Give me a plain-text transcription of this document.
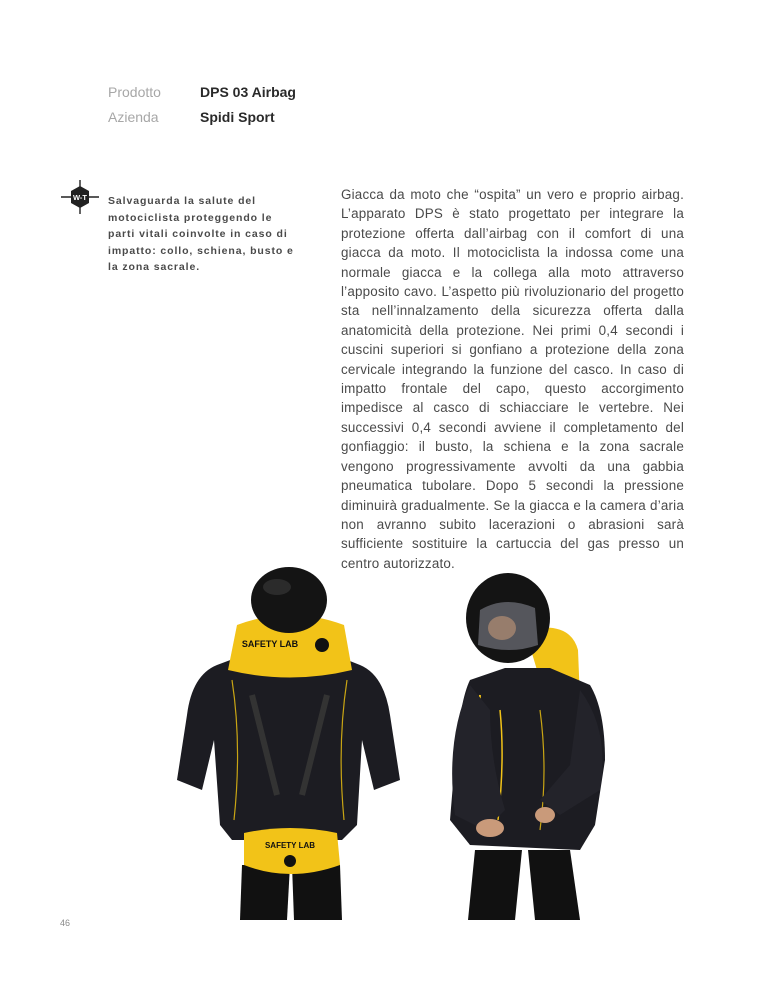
Prodotto	DPS 03 Airbag
Azienda	Spidi Sport
W-T Salvaguarda la salute del motociclista proteggendo le parti vitali coinvolte in caso di impatto: collo, schiena, busto e la zona sacrale.
Giacca da moto che “ospita” un vero e proprio airbag. L’apparato DPS è stato progettato per integrare la protezione offerta dall’airbag con il comfort di una giacca da moto. Il motociclista la indossa come una normale giacca e la collega alla moto attraverso l’apposito cavo. L’aspetto più rivoluzionario del progetto sta nell’innalzamento della sicurezza offerta dalla anatomicità della protezione. Nei primi 0,4 secondi i cuscini superiori si gonfiano a protezione della zona cervicale integrando la funzione del casco. In caso di impatto frontale del capo, questo accorgimento impedisce al casco di schiacciare le vertebre. Nei successivi 0,4 secondi avviene il completamento del gonfiaggio: il busto, la schiena e la zona sacrale vengono progressivamente avvolti da una gabbia pneumatica tubolare. Dopo 5 secondi la pressione diminuirà gradualmente. Se la giacca e la camera d’aria non avranno subito lacerazioni o abrasioni sarà sufficiente sostituire la cartuccia del gas presso un centro autorizzato.
SAFETY LAB
SAFETY LAB
46
